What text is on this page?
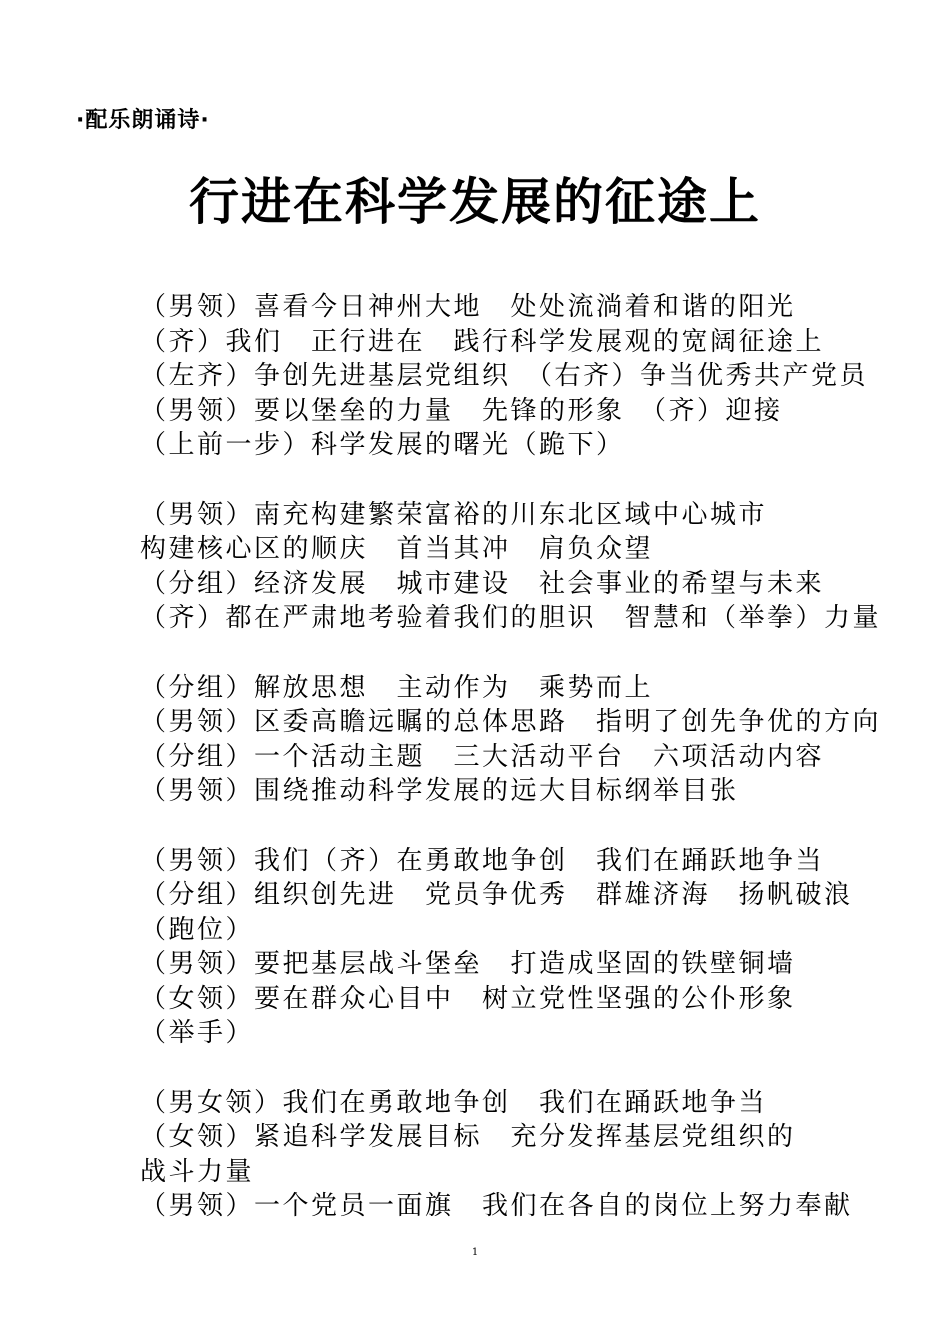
·配乐朗诵诗·
行进在科学发展的征途上
（男领）喜看今日神州大地　处处流淌着和谐的阳光
（齐）我们　正行进在　践行科学发展观的宽阔征途上
（左齐）争创先进基层党组织　（右齐）争当优秀共产党员
（男领）要以堡垒的力量　先锋的形象　（齐）迎接
（上前一步）科学发展的曙光（跪下）
（男领）南充构建繁荣富裕的川东北区域中心城市
构建核心区的顺庆　首当其冲　肩负众望
（分组）经济发展　城市建设　社会事业的希望与未来
（齐）都在严肃地考验着我们的胆识　智慧和（举拳）力量
（分组）解放思想　主动作为　乘势而上
（男领）区委高瞻远瞩的总体思路　指明了创先争优的方向
（分组）一个活动主题　三大活动平台　六项活动内容
（男领）围绕推动科学发展的远大目标纲举目张
（男领）我们（齐）在勇敢地争创　我们在踊跃地争当
（分组）组织创先进　党员争优秀　群雄济海　扬帆破浪
（跑位）
（男领）要把基层战斗堡垒　打造成坚固的铁壁铜墙
（女领）要在群众心目中　树立党性坚强的公仆形象
（举手）
（男女领）我们在勇敢地争创　我们在踊跃地争当
（女领）紧追科学发展目标　充分发挥基层党组织的
战斗力量
（男领）一个党员一面旗　我们在各自的岗位上努力奉献
1
